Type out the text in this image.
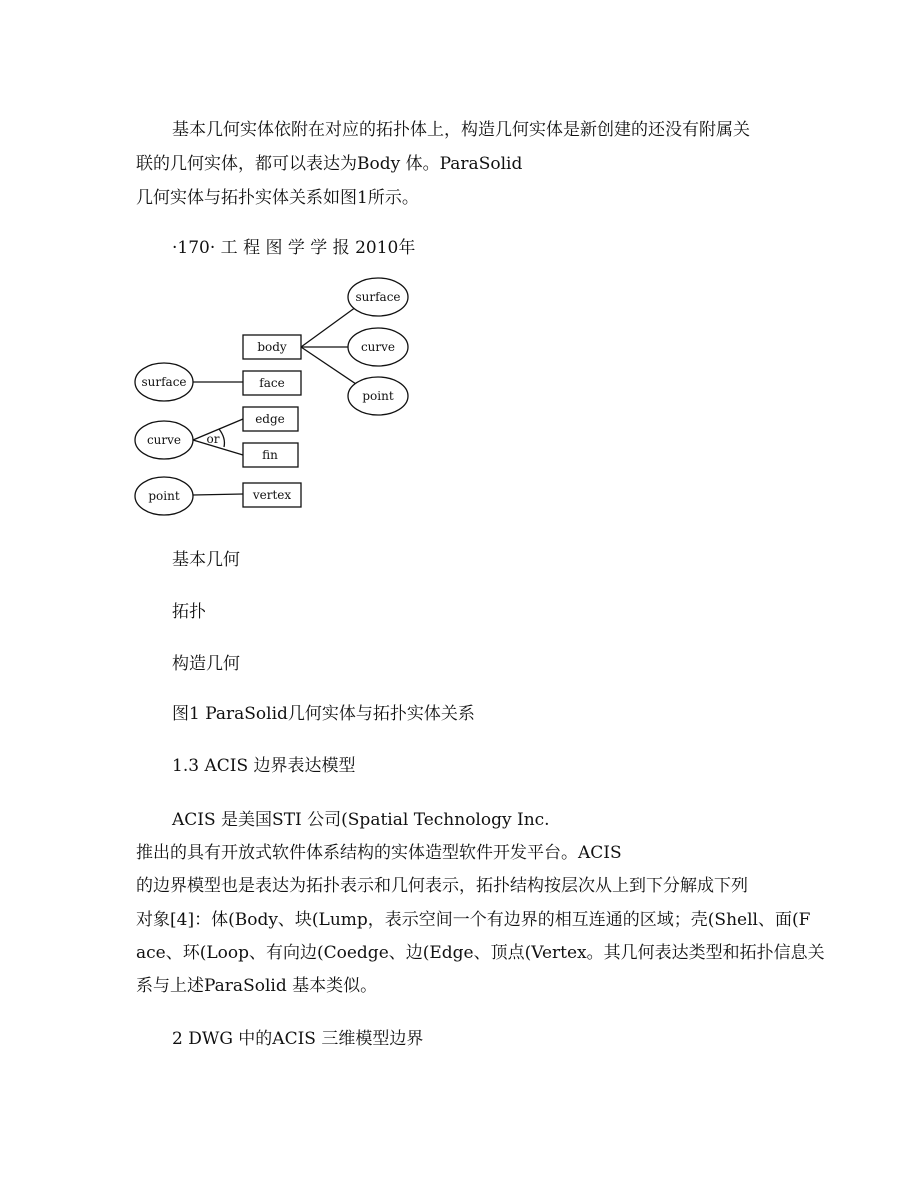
基本几何实体依附在对应的拓扑体上，构造几何实体是新创建的还没有附属关

联的几何实体，都可以表达为Body 体。ParaSolid

几何实体与拓扑实体关系如图1所示。

·170· 工 程 图 学 学 报 2010年

body
face
edge
fin
vertex
surface
curve
point
surface
curve
point
or

基本几何

拓扑

构造几何

图1 ParaSolid几何实体与拓扑实体关系

1.3 ACIS 边界表达模型

ACIS 是美国STI 公司(Spatial Technology Inc.

推出的具有开放式软件体系结构的实体造型软件开发平台。ACIS

的边界模型也是表达为拓扑表示和几何表示，拓扑结构按层次从上到下分解成下列

对象[4]：体(Body、块(Lump，表示空间一个有边界的相互连通的区域；壳(Shell、面(F

ace、环(Loop、有向边(Coedge、边(Edge、顶点(Vertex。其几何表达类型和拓扑信息关

系与上述ParaSolid 基本类似。

2 DWG 中的ACIS 三维模型边界
